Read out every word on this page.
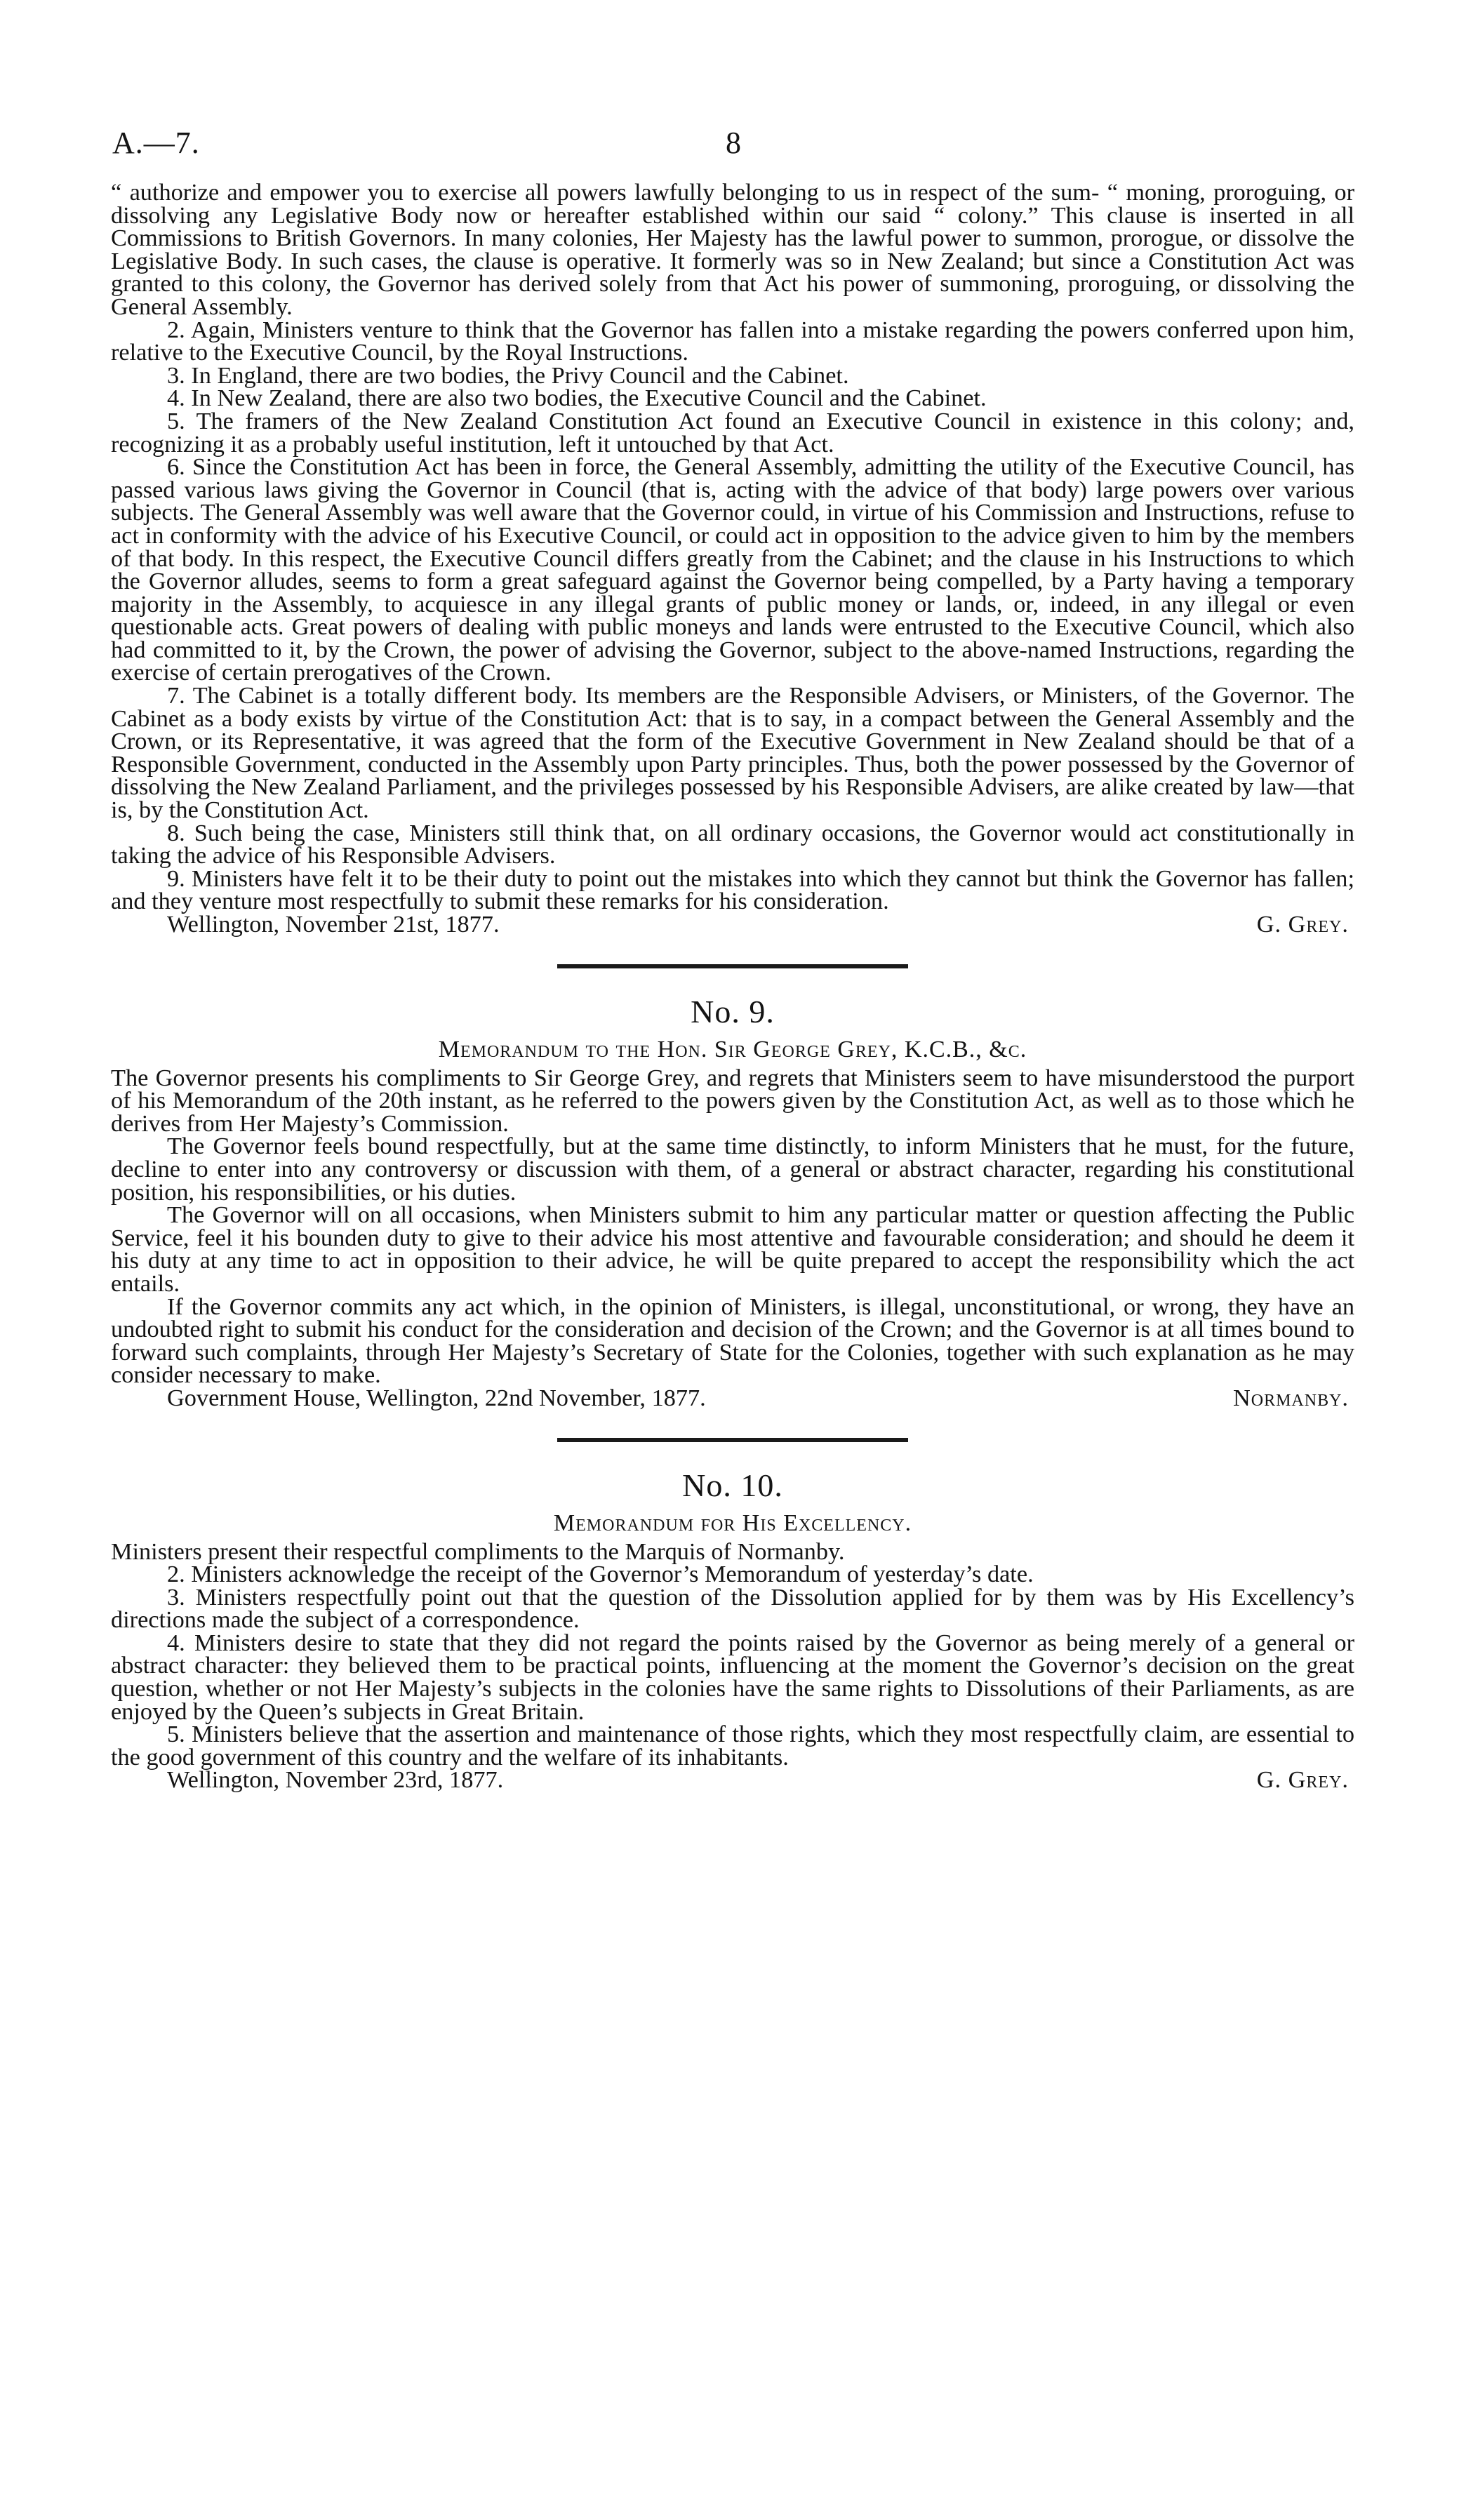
A.—7.	8

“ authorize and empower you to exercise all powers lawfully belonging to us in respect of the sum- “ moning, proroguing, or dissolving any Legislative Body now or hereafter established within our said “ colony.” This clause is inserted in all Commissions to British Governors. In many colonies, Her Majesty has the lawful power to summon, prorogue, or dissolve the Legislative Body. In such cases, the clause is operative. It formerly was so in New Zealand; but since a Constitution Act was granted to this colony, the Governor has derived solely from that Act his power of summoning, proroguing, or dissolving the General Assembly.

2. Again, Ministers venture to think that the Governor has fallen into a mistake regarding the powers conferred upon him, relative to the Executive Council, by the Royal Instructions.

3. In England, there are two bodies, the Privy Council and the Cabinet.

4. In New Zealand, there are also two bodies, the Executive Council and the Cabinet.

5. The framers of the New Zealand Constitution Act found an Executive Council in existence in this colony; and, recognizing it as a probably useful institution, left it untouched by that Act.

6. Since the Constitution Act has been in force, the General Assembly, admitting the utility of the Executive Council, has passed various laws giving the Governor in Council (that is, acting with the advice of that body) large powers over various subjects. The General Assembly was well aware that the Governor could, in virtue of his Commission and Instructions, refuse to act in conformity with the advice of his Executive Council, or could act in opposition to the advice given to him by the members of that body. In this respect, the Executive Council differs greatly from the Cabinet; and the clause in his Instructions to which the Governor alludes, seems to form a great safeguard against the Governor being compelled, by a Party having a temporary majority in the Assembly, to acquiesce in any illegal grants of public money or lands, or, indeed, in any illegal or even questionable acts. Great powers of dealing with public moneys and lands were entrusted to the Executive Council, which also had committed to it, by the Crown, the power of advising the Governor, subject to the above-named Instructions, regarding the exercise of certain prerogatives of the Crown.

7. The Cabinet is a totally different body. Its members are the Responsible Advisers, or Ministers, of the Governor. The Cabinet as a body exists by virtue of the Constitution Act: that is to say, in a compact between the General Assembly and the Crown, or its Representative, it was agreed that the form of the Executive Government in New Zealand should be that of a Responsible Government, conducted in the Assembly upon Party principles. Thus, both the power possessed by the Governor of dissolving the New Zealand Parliament, and the privileges possessed by his Responsible Advisers, are alike created by law—that is, by the Constitution Act.

8. Such being the case, Ministers still think that, on all ordinary occasions, the Governor would act constitutionally in taking the advice of his Responsible Advisers.

9. Ministers have felt it to be their duty to point out the mistakes into which they cannot but think the Governor has fallen; and they venture most respectfully to submit these remarks for his consideration.

Wellington, November 21st, 1877.	G. Grey.
No. 9.
Memorandum to the Hon. Sir George Grey, K.C.B., &c.

The Governor presents his compliments to Sir George Grey, and regrets that Ministers seem to have misunderstood the purport of his Memorandum of the 20th instant, as he referred to the powers given by the Constitution Act, as well as to those which he derives from Her Majesty’s Commission.

The Governor feels bound respectfully, but at the same time distinctly, to inform Ministers that he must, for the future, decline to enter into any controversy or discussion with them, of a general or abstract character, regarding his constitutional position, his responsibilities, or his duties.

The Governor will on all occasions, when Ministers submit to him any particular matter or question affecting the Public Service, feel it his bounden duty to give to their advice his most attentive and favourable consideration; and should he deem it his duty at any time to act in opposition to their advice, he will be quite prepared to accept the responsibility which the act entails.

If the Governor commits any act which, in the opinion of Ministers, is illegal, unconstitutional, or wrong, they have an undoubted right to submit his conduct for the consideration and decision of the Crown; and the Governor is at all times bound to forward such complaints, through Her Majesty’s Secretary of State for the Colonies, together with such explanation as he may consider necessary to make.

Government House, Wellington, 22nd November, 1877.	Normanby.
No. 10.
Memorandum for His Excellency.

Ministers present their respectful compliments to the Marquis of Normanby.

2. Ministers acknowledge the receipt of the Governor’s Memorandum of yesterday’s date.

3. Ministers respectfully point out that the question of the Dissolution applied for by them was by His Excellency’s directions made the subject of a correspondence.

4. Ministers desire to state that they did not regard the points raised by the Governor as being merely of a general or abstract character: they believed them to be practical points, influencing at the moment the Governor’s decision on the great question, whether or not Her Majesty’s subjects in the colonies have the same rights to Dissolutions of their Parliaments, as are enjoyed by the Queen’s subjects in Great Britain.

5. Ministers believe that the assertion and maintenance of those rights, which they most respectfully claim, are essential to the good government of this country and the welfare of its inhabitants.

Wellington, November 23rd, 1877.	G. Grey.
